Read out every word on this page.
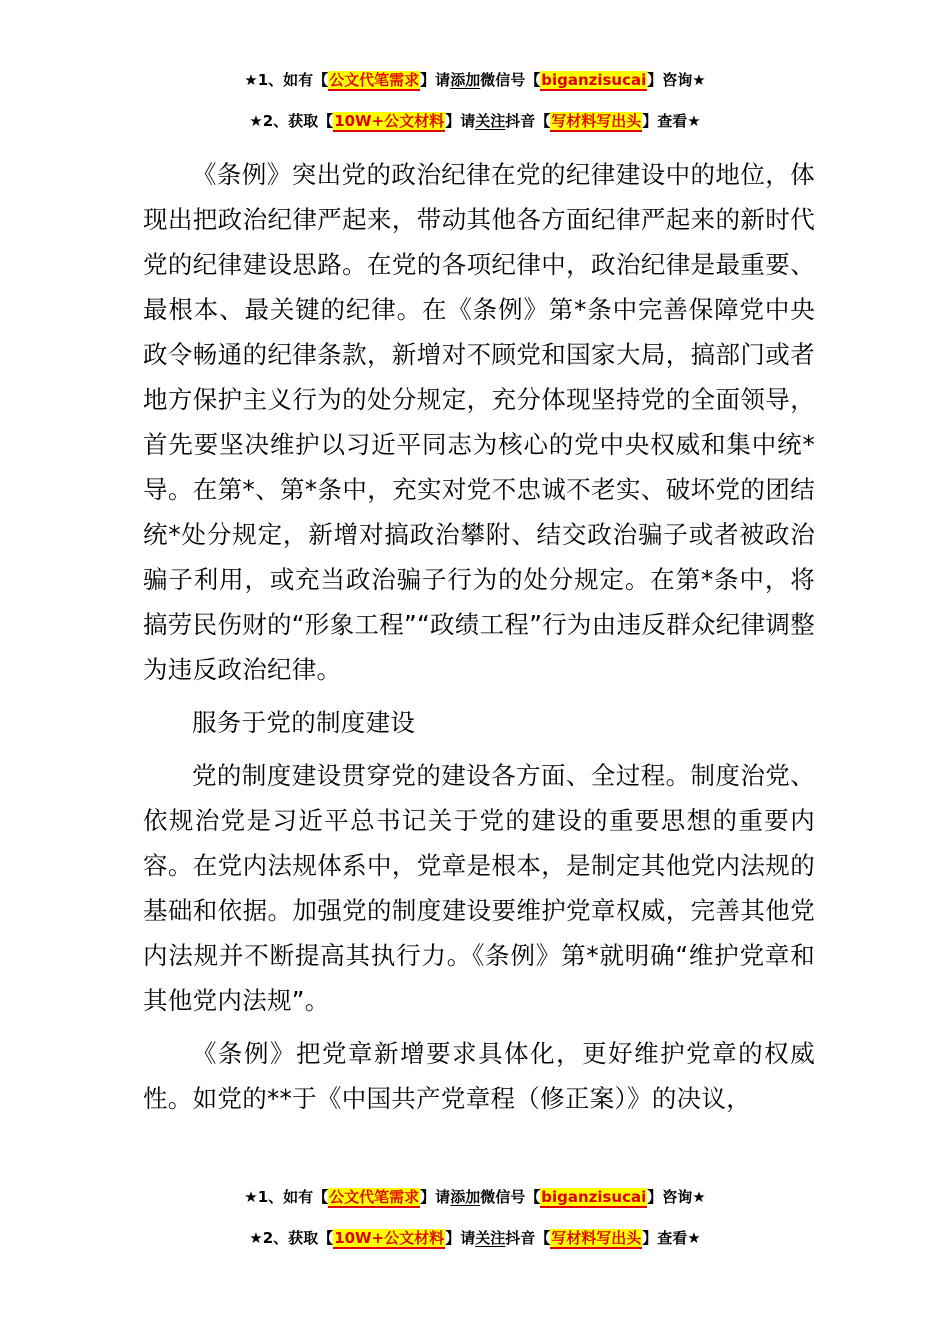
★1、如有【公文代笔需求】请添加微信号【biganzisucai】咨询★
★2、获取【10W+公文材料】请关注抖音【写材料写出头】查看★

《条例》突出党的政治纪律在党的纪律建设中的地位，体现出把政治纪律严起来，带动其他各方面纪律严起来的新时代党的纪律建设思路。在党的各项纪律中，政治纪律是最重要、最根本、最关键的纪律。在《条例》第*条中完善保障党中央政令畅通的纪律条款，新增对不顾党和国家大局，搞部门或者地方保护主义行为的处分规定，充分体现坚持党的全面领导，首先要坚决维护以习近平同志为核心的党中央权威和集中统*导。在第*、第*条中，充实对党不忠诚不老实、破坏党的团结统*处分规定，新增对搞政治攀附、结交政治骗子或者被政治骗子利用，或充当政治骗子行为的处分规定。在第*条中，将搞劳民伤财的“形象工程”“政绩工程”行为由违反群众纪律调整为违反政治纪律。

服务于党的制度建设

党的制度建设贯穿党的建设各方面、全过程。制度治党、依规治党是习近平总书记关于党的建设的重要思想的重要内容。在党内法规体系中，党章是根本，是制定其他党内法规的基础和依据。加强党的制度建设要维护党章权威，完善其他党内法规并不断提高其执行力。《条例》第*就明确“维护党章和其他党内法规”。

《条例》把党章新增要求具体化，更好维护党章的权威性。如党的**于《中国共产党章程（修正案）》的决议，

★1、如有【公文代笔需求】请添加微信号【biganzisucai】咨询★
★2、获取【10W+公文材料】请关注抖音【写材料写出头】查看★
